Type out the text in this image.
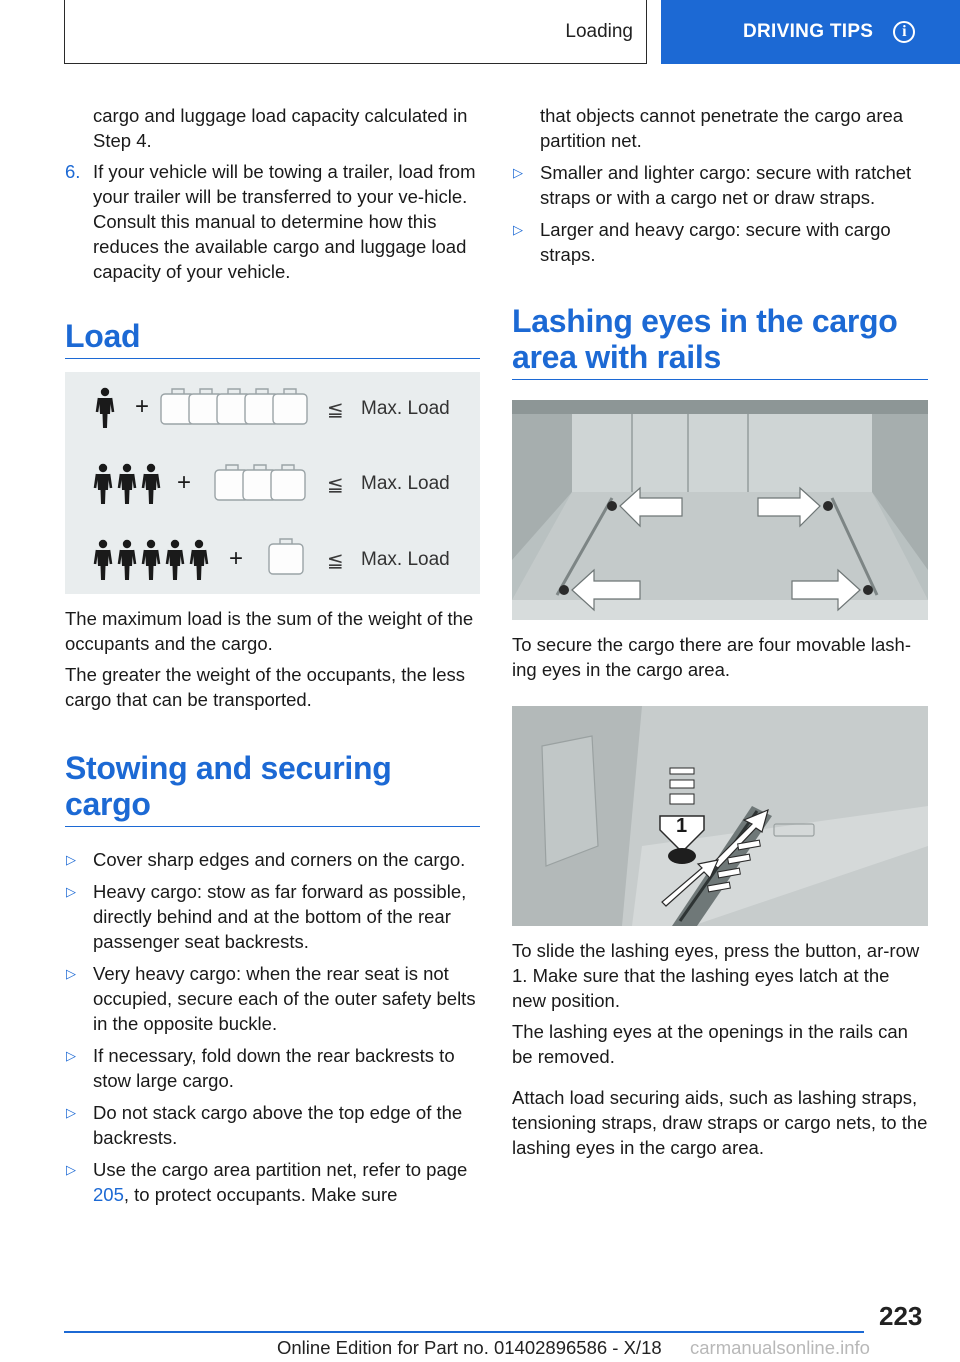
Loading	DRIVING TIPS	i

cargo and luggage load capacity calculated in Step 4.

6. If your vehicle will be towing a trailer, load from your trailer will be transferred to your ve‐hicle. Consult this manual to determine how this reduces the available cargo and luggage load capacity of your vehicle.
Load
+	≦ Max. Load
+	≦ Max. Load
+	≦ Max. Load

The maximum load is the sum of the weight of the occupants and the cargo.

The greater the weight of the occupants, the less cargo that can be transported.

Stowing and securing cargo
▷ Cover sharp edges and corners on the cargo.
▷ Heavy cargo: stow as far forward as possible, directly behind and at the bottom of the rear passenger seat backrests.
▷ Very heavy cargo: when the rear seat is not occupied, secure each of the outer safety belts in the opposite buckle.
▷ If necessary, fold down the rear backrests to stow large cargo.
▷ Do not stack cargo above the top edge of the backrests.
▷ Use the cargo area partition net, refer to page 205, to protect occupants. Make sure

that objects cannot penetrate the cargo area partition net.

▷ Smaller and lighter cargo: secure with ratchet straps or with a cargo net or draw straps.
▷ Larger and heavy cargo: secure with cargo straps.
Lashing eyes in the cargo area with rails

To secure the cargo there are four movable lash‐ing eyes in the cargo area.

1

To slide the lashing eyes, press the button, ar‐row 1. Make sure that the lashing eyes latch at the new position.

The lashing eyes at the openings in the rails can be removed.

Attach load securing aids, such as lashing straps, tensioning straps, draw straps or cargo nets, to the lashing eyes in the cargo area.

223
Online Edition for Part no. 01402896586 - X/18 carmanualsonline.info
